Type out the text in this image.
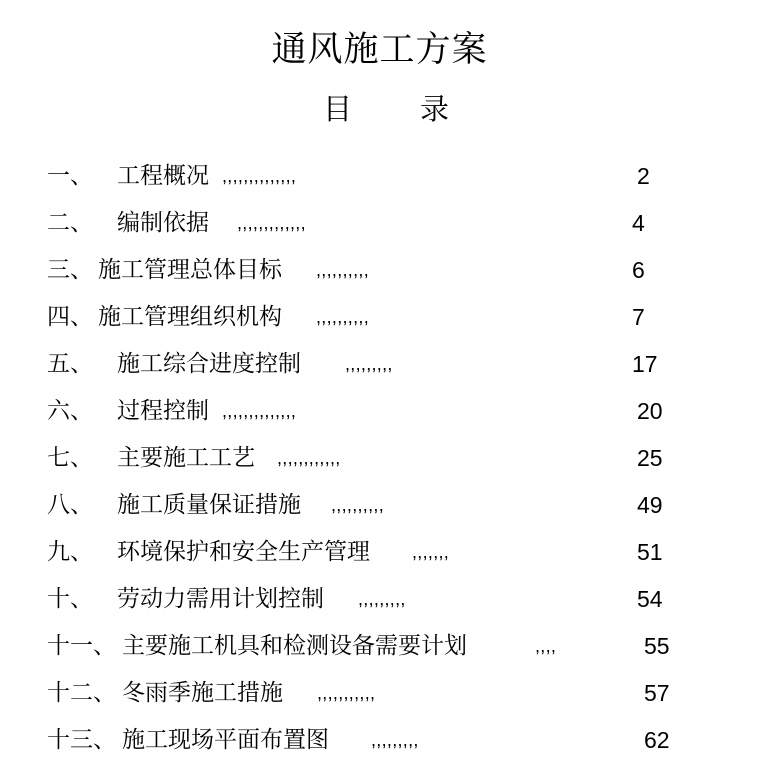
通风施工方案
目 录
一、 工程概况 ,,,,,,,,,,,,,,	2
二、 编制依据 ,,,,,,,,,,,,,	4
三、 施工管理总体目标 ,,,,,,,,,,	6
四、 施工管理组织机构 ,,,,,,,,,,	7
五、 施工综合进度控制 ,,,,,,,,,	17
六、 过程控制 ,,,,,,,,,,,,,,	20
七、 主要施工工艺 ,,,,,,,,,,,,	25
八、 施工质量保证措施 ,,,,,,,,,,	49
九、 环境保护和安全生产管理 ,,,,,,,	51
十、 劳动力需用计划控制 ,,,,,,,,,	54
十一、 主要施工机具和检测设备需要计划	,,,,	55
十二、 冬雨季施工措施 ,,,,,,,,,,,	57
十三、 施工现场平面布置图 ,,,,,,,,,	62
